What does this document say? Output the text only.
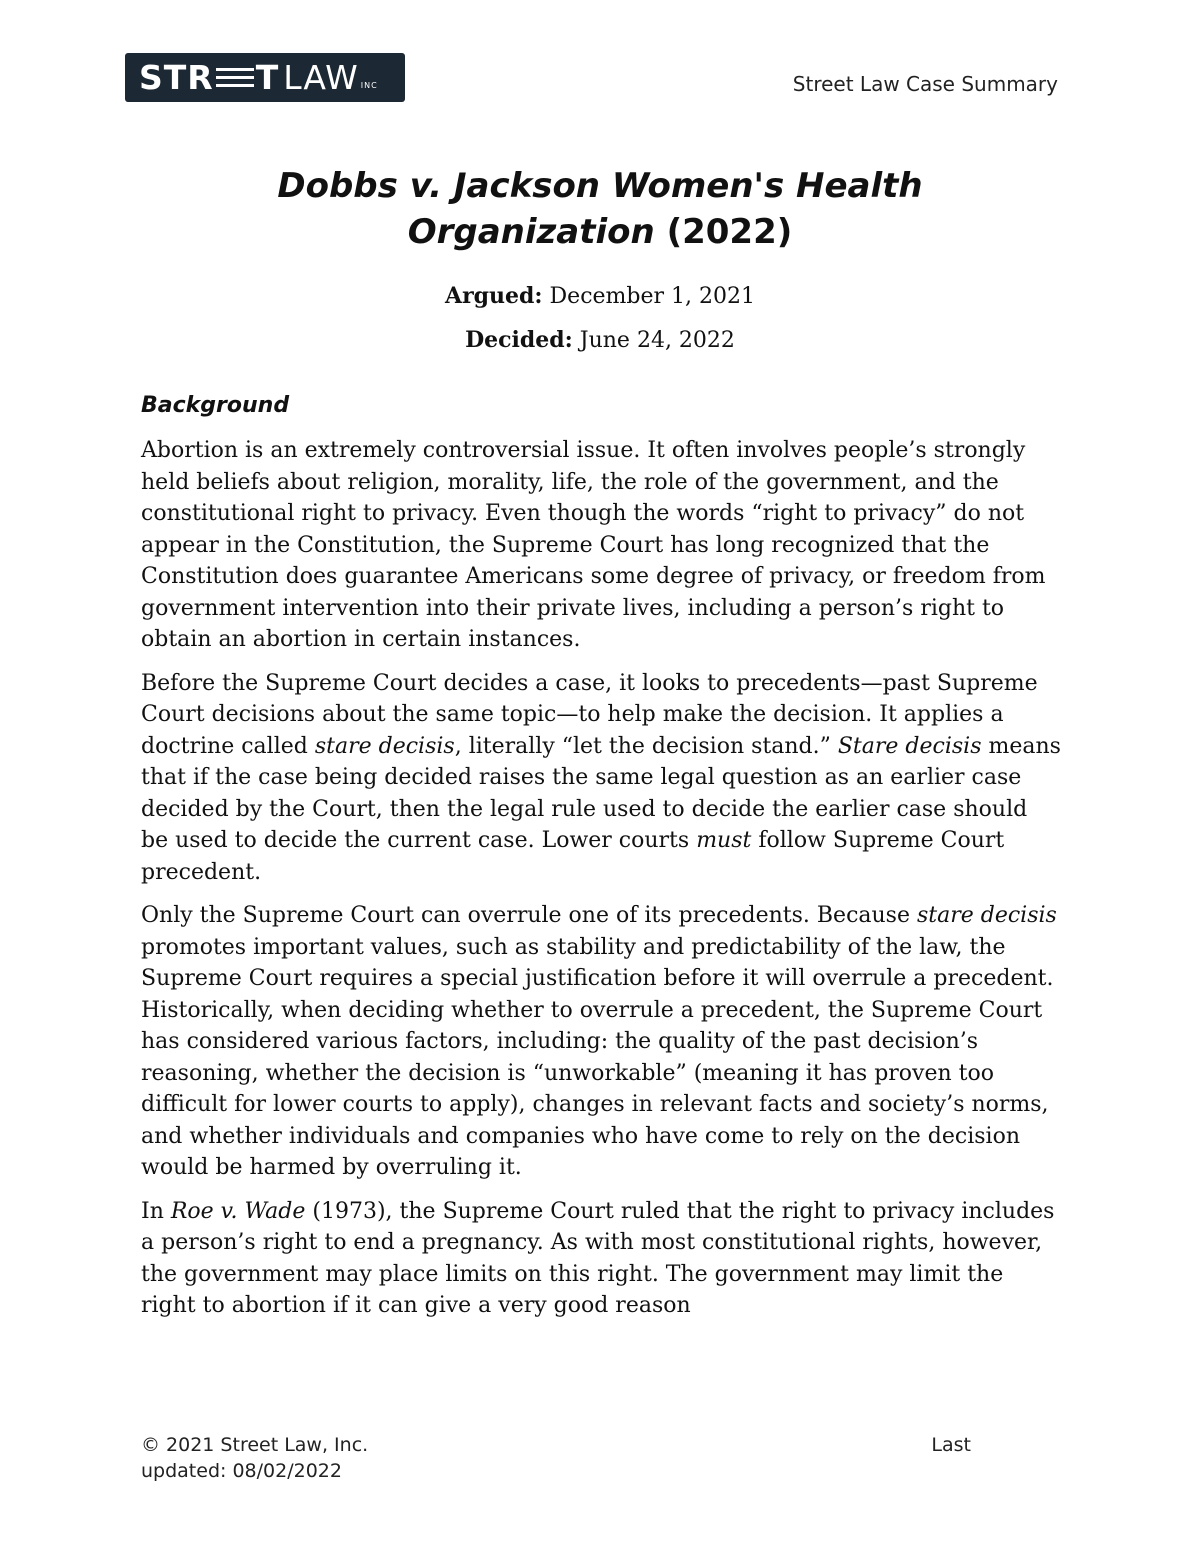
STR T LAW INC	Street Law Case Summary
Dobbs v. Jackson Women's Health Organization (2022)
Argued: December 1, 2021
Decided: June 24, 2022
Background

Abortion is an extremely controversial issue. It often involves people’s strongly held beliefs about religion, morality, life, the role of the government, and the constitutional right to privacy. Even though the words “right to privacy” do not appear in the Constitution, the Supreme Court has long recognized that the Constitution does guarantee Americans some degree of privacy, or freedom from government intervention into their private lives, including a person’s right to obtain an abortion in certain instances.

Before the Supreme Court decides a case, it looks to precedents—past Supreme Court decisions about the same topic—to help make the decision. It applies a doctrine called stare decisis, literally “let the decision stand.” Stare decisis means that if the case being decided raises the same legal question as an earlier case decided by the Court, then the legal rule used to decide the earlier case should be used to decide the current case. Lower courts must follow Supreme Court precedent.

Only the Supreme Court can overrule one of its precedents. Because stare decisis promotes important values, such as stability and predictability of the law, the Supreme Court requires a special justification before it will overrule a precedent. Historically, when deciding whether to overrule a precedent, the Supreme Court has considered various factors, including: the quality of the past decision’s reasoning, whether the decision is “unworkable” (meaning it has proven too difficult for lower courts to apply), changes in relevant facts and society’s norms, and whether individuals and companies who have come to rely on the decision would be harmed by overruling it.

In Roe v. Wade (1973), the Supreme Court ruled that the right to privacy includes a person’s right to end a pregnancy. As with most constitutional rights, however, the government may place limits on this right. The government may limit the right to abortion if it can give a very good reason

© 2021 Street Law, Inc.
updated: 08/02/2022
Last
